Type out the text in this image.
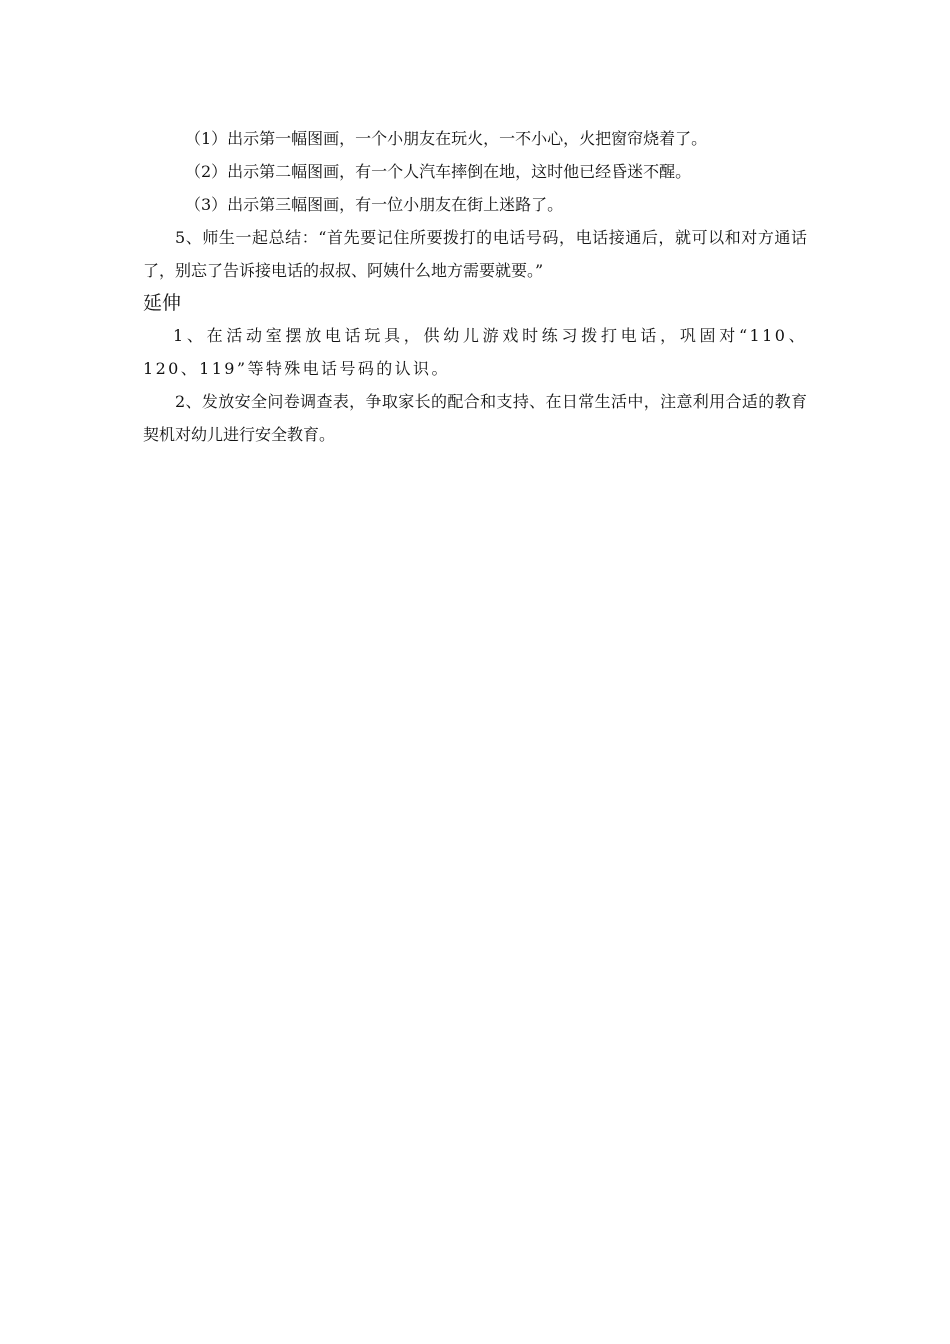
（1）出示第一幅图画，一个小朋友在玩火，一不小心，火把窗帘烧着了。
（2）出示第二幅图画，有一个人汽车摔倒在地，这时他已经昏迷不醒。
（3）出示第三幅图画，有一位小朋友在街上迷路了。
5、师生一起总结：“首先要记住所要拨打的电话号码，电话接通后，就可以和对方通话了，别忘了告诉接电话的叔叔、阿姨什么地方需要就要。”
延伸
1、在活动室摆放电话玩具，供幼儿游戏时练习拨打电话，巩固对“110、120、119”等特殊电话号码的认识。
2、发放安全问卷调查表，争取家长的配合和支持、在日常生活中，注意利用合适的教育契机对幼儿进行安全教育。
